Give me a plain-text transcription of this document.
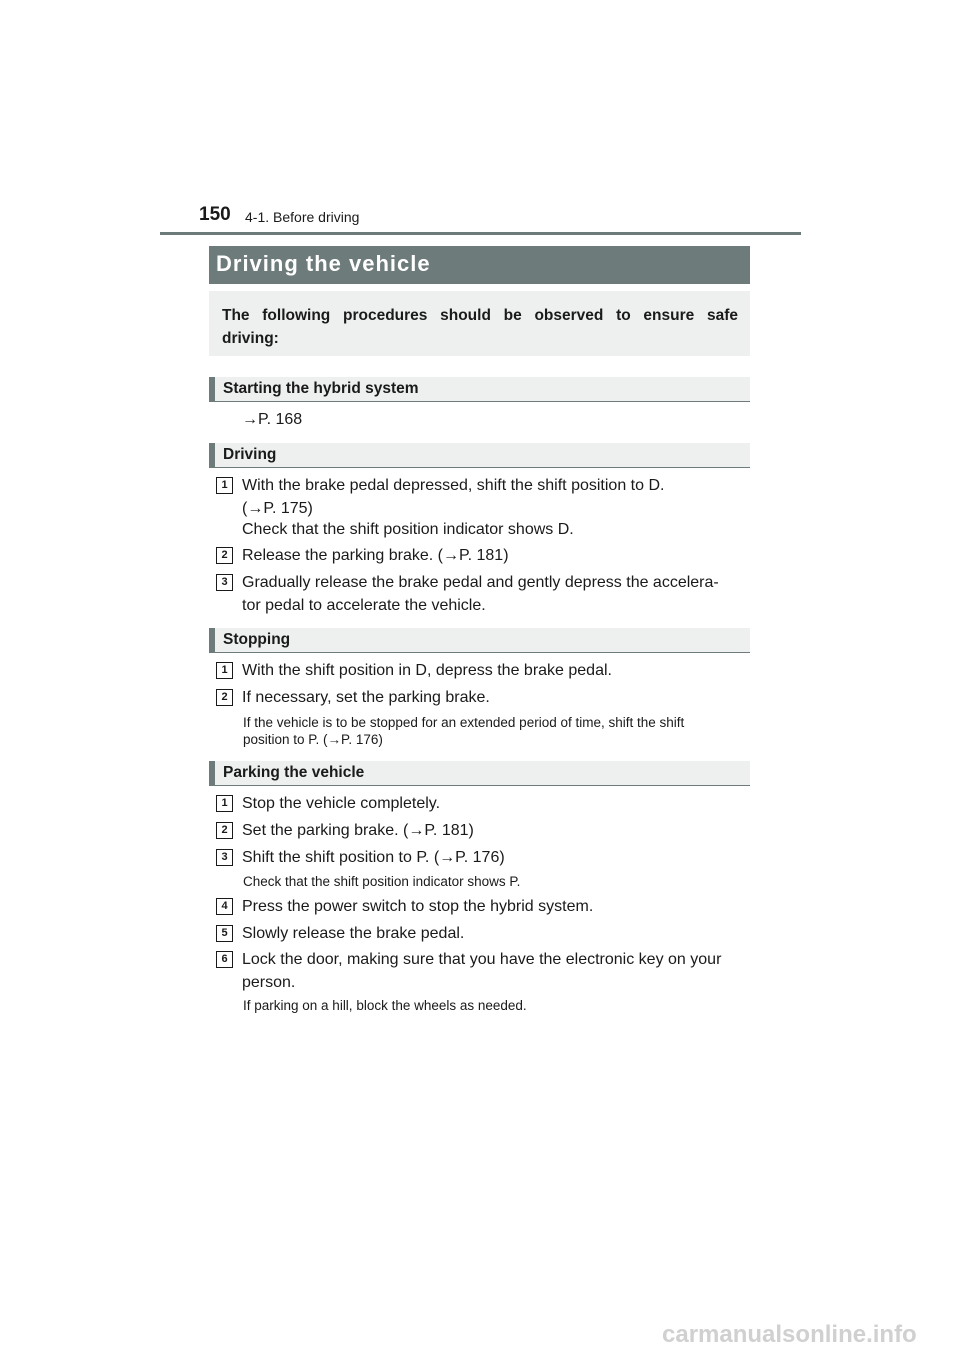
150 4-1. Before driving
Driving the vehicle
The following procedures should be observed to ensure safe driving:
Starting the hybrid system
→P. 168
Driving
1 With the brake pedal depressed, shift the shift position to D.
(→P. 175)
Check that the shift position indicator shows D.
2 Release the parking brake. (→P. 181)
3 Gradually release the brake pedal and gently depress the accelera-
tor pedal to accelerate the vehicle.
Stopping
1 With the shift position in D, depress the brake pedal.
2 If necessary, set the parking brake.
If the vehicle is to be stopped for an extended period of time, shift the shift
position to P. (→P. 176)
Parking the vehicle
1 Stop the vehicle completely.
2 Set the parking brake. (→P. 181)
3 Shift the shift position to P. (→P. 176)
Check that the shift position indicator shows P.
4 Press the power switch to stop the hybrid system.
5 Slowly release the brake pedal.
6 Lock the door, making sure that you have the electronic key on your
person.
If parking on a hill, block the wheels as needed.
carmanualsonline.info
